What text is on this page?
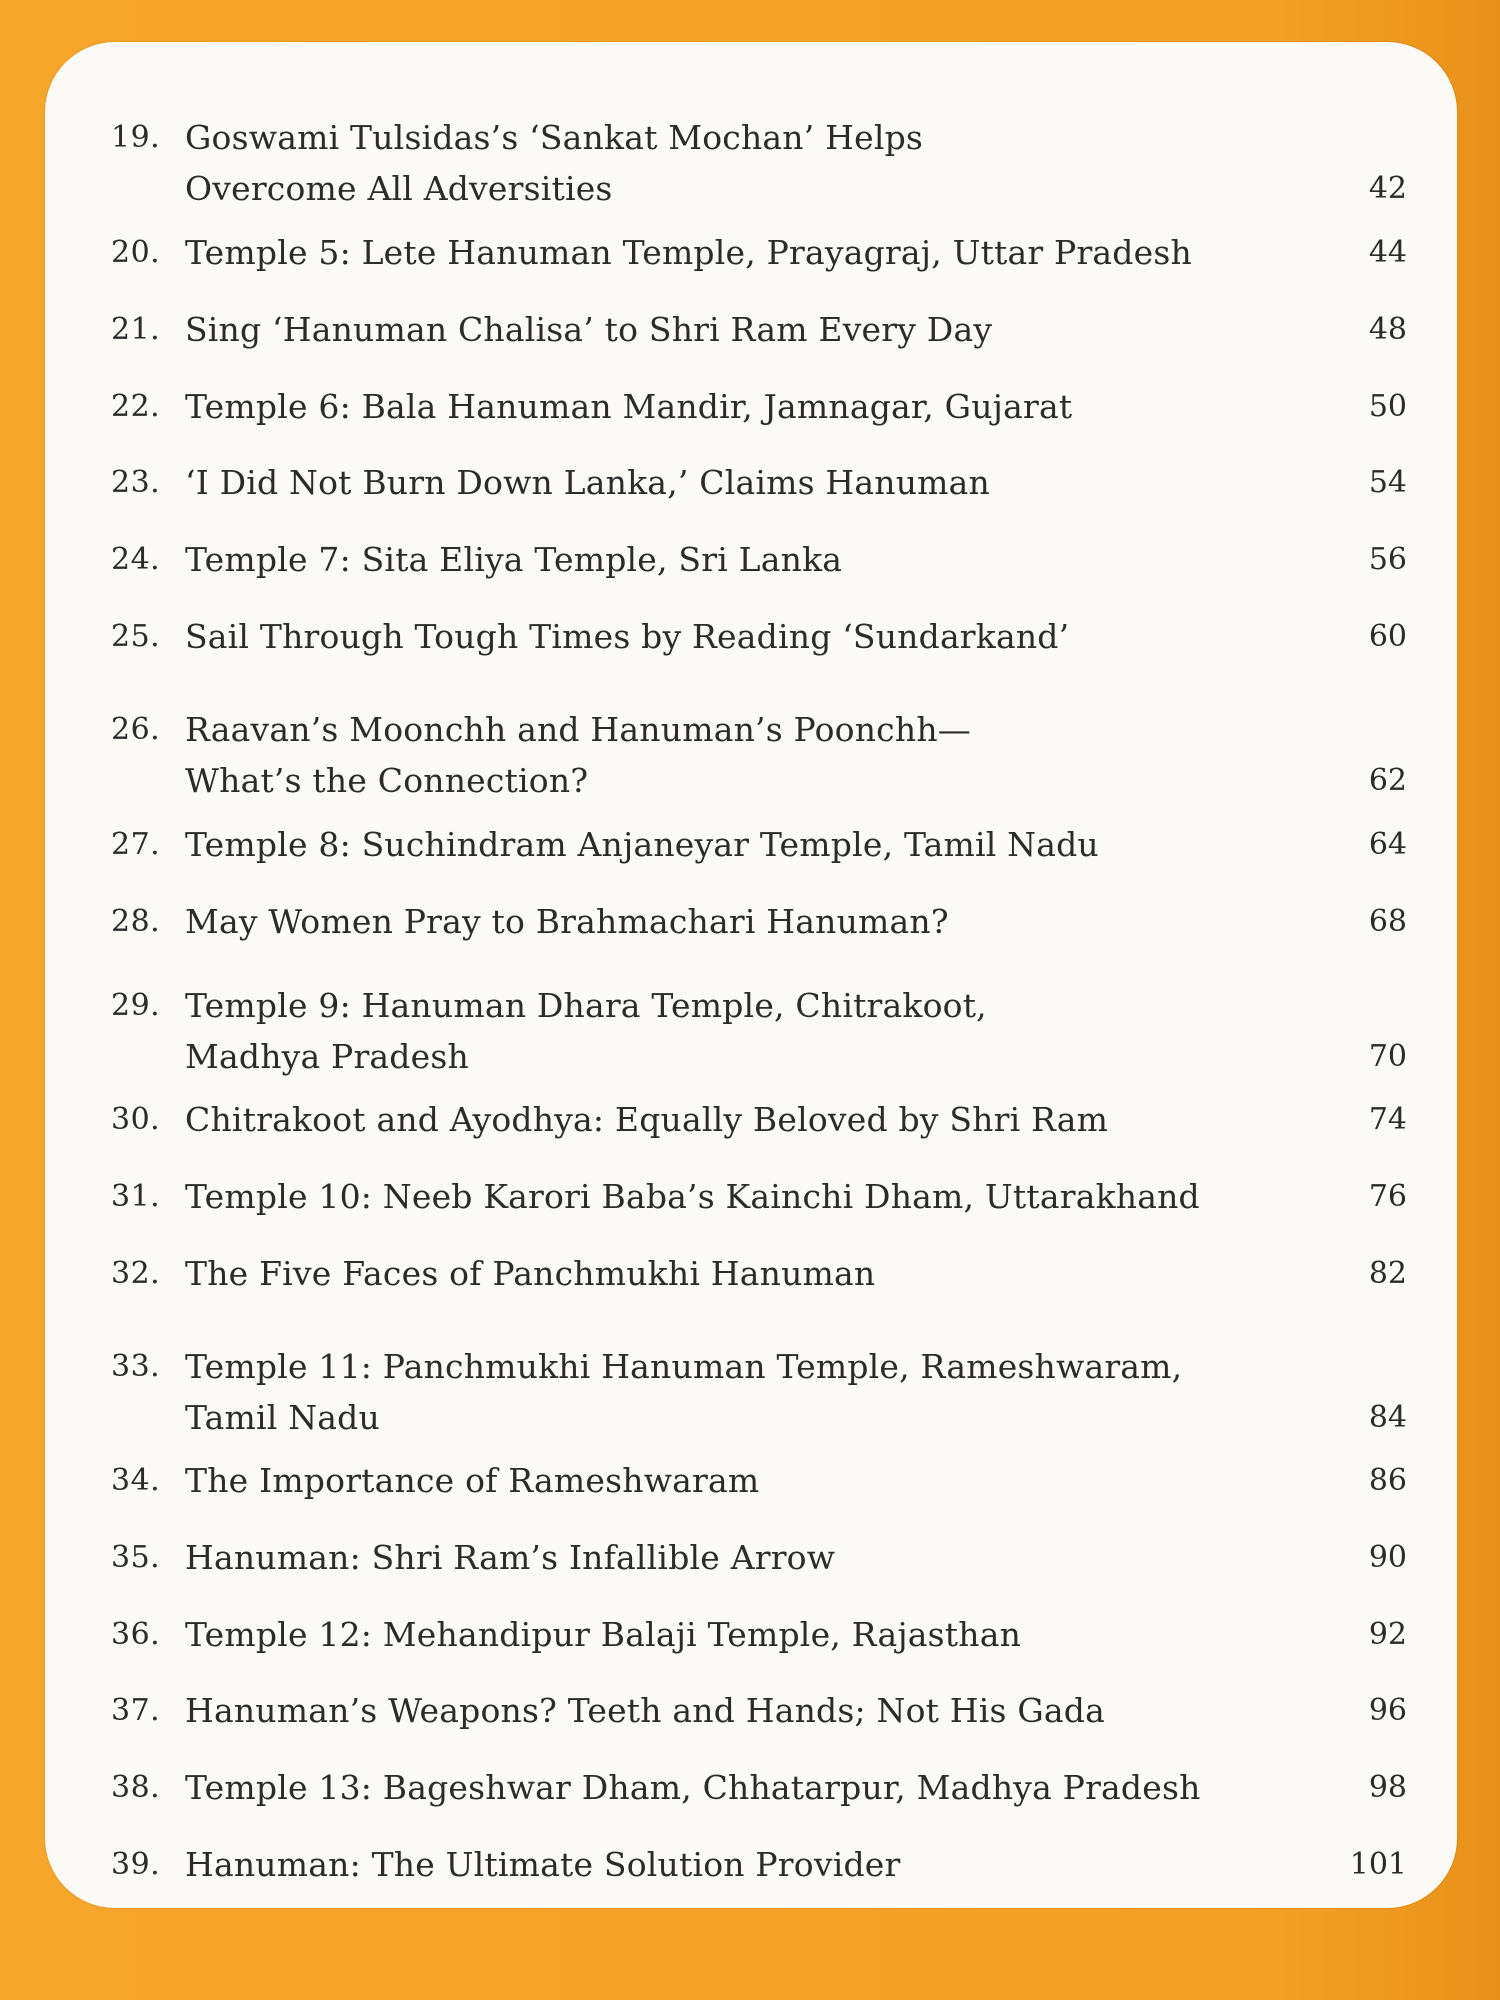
19. Goswami Tulsidas’s ‘Sankat Mochan’ Helps
Overcome All Adversities	42
20. Temple 5: Lete Hanuman Temple, Prayagraj, Uttar Pradesh	44
21. Sing ‘Hanuman Chalisa’ to Shri Ram Every Day	48
22. Temple 6: Bala Hanuman Mandir, Jamnagar, Gujarat	50
23. ‘I Did Not Burn Down Lanka,’ Claims Hanuman	54
24. Temple 7: Sita Eliya Temple, Sri Lanka	56
25. Sail Through Tough Times by Reading ‘Sundarkand’	60
26. Raavan’s Moonchh and Hanuman’s Poonchh—
What’s the Connection?	62
27. Temple 8: Suchindram Anjaneyar Temple, Tamil Nadu	64
28. May Women Pray to Brahmachari Hanuman?	68
29. Temple 9: Hanuman Dhara Temple, Chitrakoot,
Madhya Pradesh	70
30. Chitrakoot and Ayodhya: Equally Beloved by Shri Ram	74
31. Temple 10: Neeb Karori Baba’s Kainchi Dham, Uttarakhand	76
32. The Five Faces of Panchmukhi Hanuman	82
33. Temple 11: Panchmukhi Hanuman Temple, Rameshwaram,
Tamil Nadu	84
34. The Importance of Rameshwaram	86
35. Hanuman: Shri Ram’s Infallible Arrow	90
36. Temple 12: Mehandipur Balaji Temple, Rajasthan	92
37. Hanuman’s Weapons? Teeth and Hands; Not His Gada	96
38. Temple 13: Bageshwar Dham, Chhatarpur, Madhya Pradesh	98
39. Hanuman: The Ultimate Solution Provider	101
